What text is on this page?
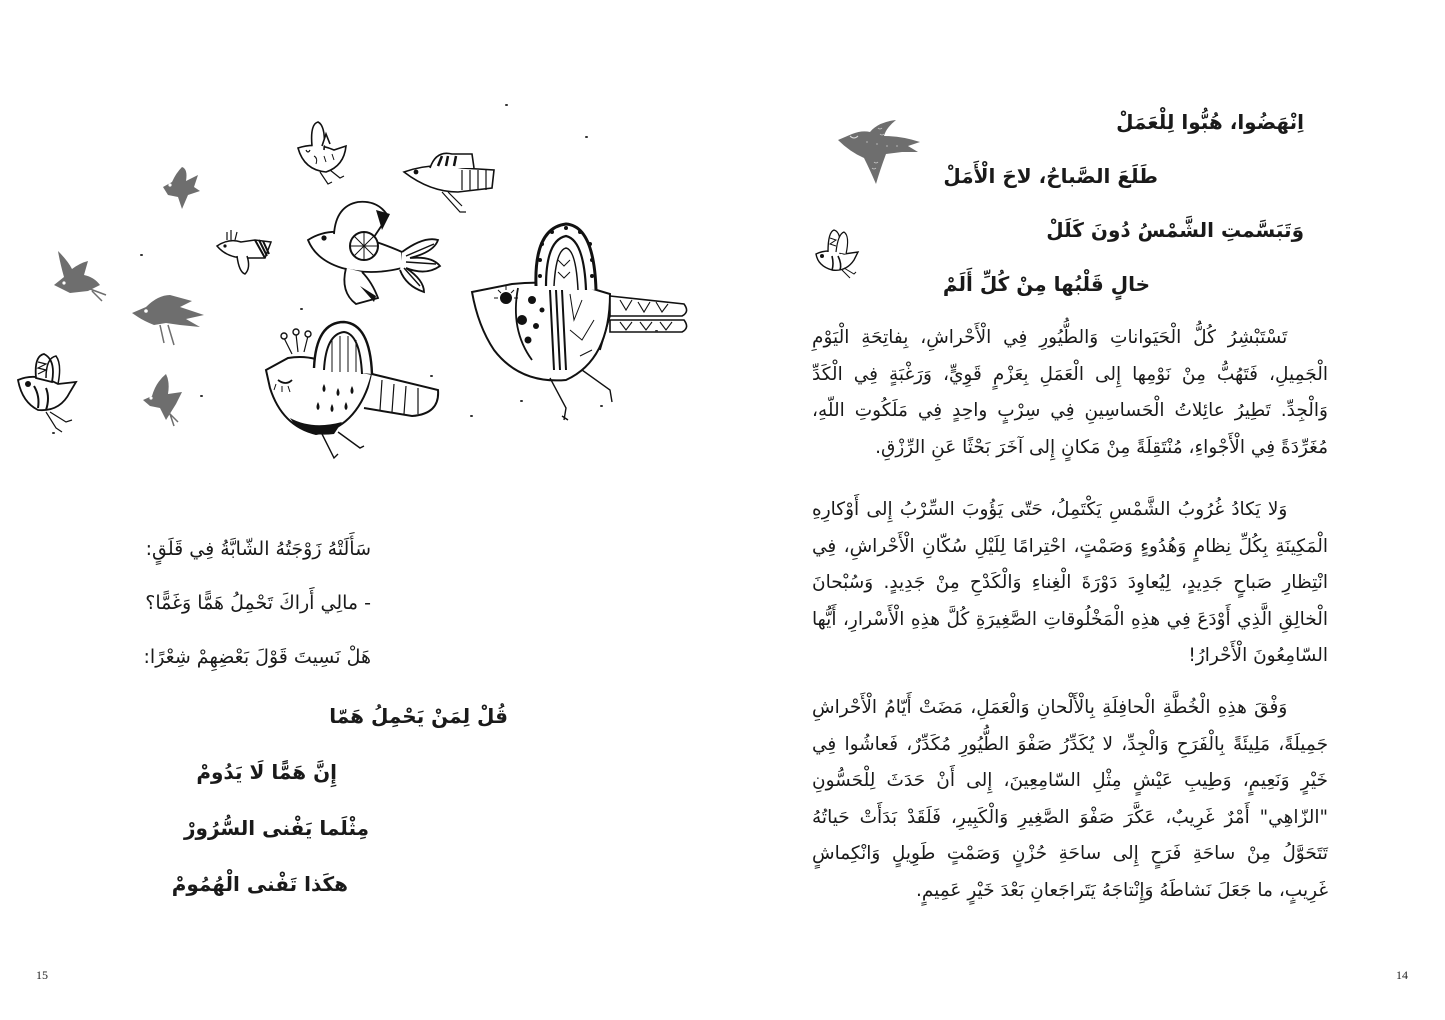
سَأَلَتْهُ زَوْجَتُهُ الشّابَّةُ فِي قَلَقٍ:
- مالِي أَراكَ تَحْمِلُ هَمًّا وَغَمًّا؟
هَلْ نَسِيتَ قَوْلَ بَعْضِهِمْ شِعْرًا:
قُلْ لِمَنْ يَحْمِلُ هَمّا
إِنَّ هَمًّا لَا يَدُومْ
مِثْلَما يَفْنى السُّرُورْ
هكَذا تَفْنى الْهُمُومْ
15
اِنْهَضُوا، هُبُّوا لِلْعَمَلْ
طَلَعَ الصَّباحُ، لاحَ الْأَمَلْ
وَتَبَسَّمتِ الشَّمْسُ دُونَ كَلَلْ
خالٍ قَلْبُها مِنْ كُلِّ أَلَمْ

تَسْتَبْشِرُ كُلُّ الْحَيَواناتِ وَالطُّيُورِ فِي الْأَحْراشِ، بِفاتِحَةِ الْيَوْمِ الْجَمِيلِ، فَتَهُبُّ مِنْ نَوْمِها إِلى الْعَمَلِ بِعَزْمٍ قَوِيٍّ، وَرَغْبَةٍ فِي الْكَدِّ وَالْجِدِّ. تَطِيرُ عائِلاتُ الْحَساسِينِ فِي سِرْبٍ واحِدٍ فِي مَلَكُوتِ اللّهِ، مُغَرِّدَةً فِي الْأَجْواءِ، مُنْتَقِلَةً مِنْ مَكانٍ إِلى آخَرَ بَحْثًا عَنِ الرِّزْقِ.

وَلا يَكادُ غُرُوبُ الشَّمْسِ يَكْتَمِلُ، حَتّى يَؤُوبَ السِّرْبُ إِلى أَوْكارِهِ الْمَكِينَةِ بِكُلِّ نِظامٍ وَهُدُوءٍ وَصَمْتٍ، احْتِرامًا لِلَيْلِ سُكّانِ الْأَحْراشِ، فِي انْتِظارِ صَباحٍ جَدِيدٍ، لِيُعاوِدَ دَوْرَةَ الْغِناءِ وَالْكَدْحِ مِنْ جَدِيدٍ. وَسُبْحانَ الْخالِقِ الَّذِي أَوْدَعَ فِي هذِهِ الْمَخْلُوقاتِ الصَّغِيرَةِ كُلَّ هذِهِ الْأَسْرارِ، أَيُّها السّامِعُونَ الْأَحْرارُ!

وَفْقَ هذِهِ الْخُطَّةِ الْحافِلَةِ بِالْأَلْحانِ وَالْعَمَلِ، مَضَتْ أَيّامُ الْأَحْراشِ جَمِيلَةً، مَلِيئَةً بِالْفَرَحِ وَالْجِدِّ، لا يُكَدِّرُ صَفْوَ الطُّيُورِ مُكَدِّرٌ، فَعاشُوا فِي خَيْرٍ وَنَعِيمٍ، وَطِيبِ عَيْشٍ مِثْلِ السّامِعِينَ، إِلى أَنْ حَدَثَ لِلْحَسُّونِ "الزّاهِي" أَمْرٌ غَرِيبٌ، عَكَّرَ صَفْوَ الصَّغِيرِ وَالْكَبِيرِ، فَلَقَدْ بَدَأَتْ حَياتُهُ تَتَحَوَّلُ مِنْ ساحَةِ فَرَحٍ إِلى ساحَةِ حُزْنٍ وَصَمْتٍ طَوِيلٍ وَانْكِماشٍ غَرِيبٍ، ما جَعَلَ نَشاطَهُ وَإِنْتاجَهُ يَتَراجَعانِ بَعْدَ خَيْرٍ عَمِيمٍ.

14
